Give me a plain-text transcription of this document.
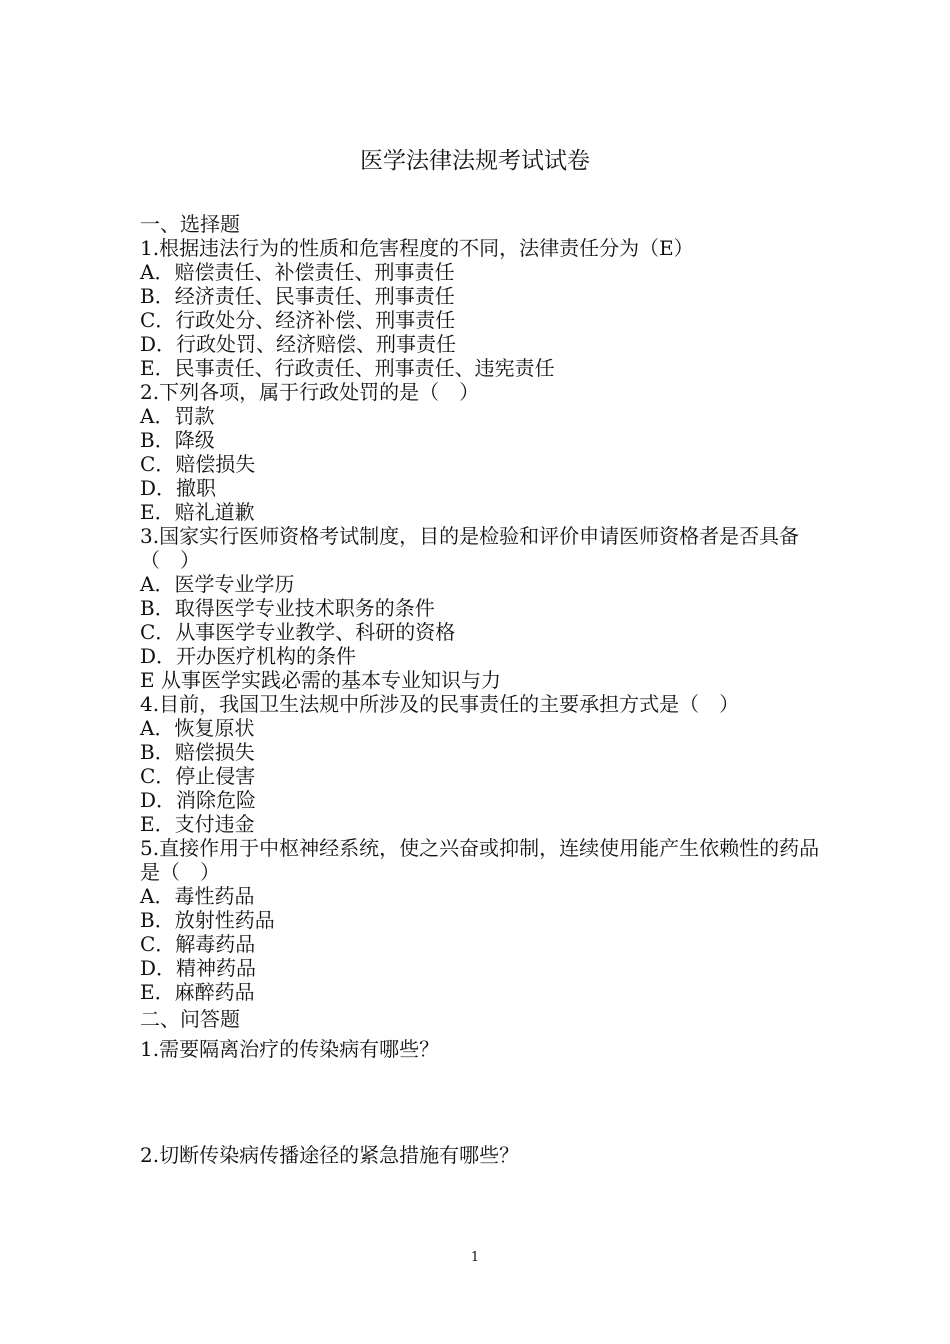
医学法律法规考试试卷
一、选择题
1.根据违法行为的性质和危害程度的不同，法律责任分为（E）
A．赔偿责任、补偿责任、刑事责任
B．经济责任、民事责任、刑事责任
C．行政处分、经济补偿、刑事责任
D．行政处罚、经济赔偿、刑事责任
E．民事责任、行政责任、刑事责任、违宪责任
2.下列各项，属于行政处罚的是（　）
A．罚款
B．降级
C．赔偿损失
D．撤职
E．赔礼道歉
3.国家实行医师资格考试制度，目的是检验和评价申请医师资格者是否具备（　）
A．医学专业学历
B．取得医学专业技术职务的条件
C．从事医学专业教学、科研的资格
D．开办医疗机构的条件
E 从事医学实践必需的基本专业知识与力
4.目前，我国卫生法规中所涉及的民事责任的主要承担方式是（　）
A．恢复原状
B．赔偿损失
C．停止侵害
D．消除危险
E．支付违金
5.直接作用于中枢神经系统，使之兴奋或抑制，连续使用能产生依赖性的药品是（　）
A．毒性药品
B．放射性药品
C．解毒药品
D．精神药品
E．麻醉药品
二、问答题
1.需要隔离治疗的传染病有哪些？
2.切断传染病传播途径的紧急措施有哪些？
1
